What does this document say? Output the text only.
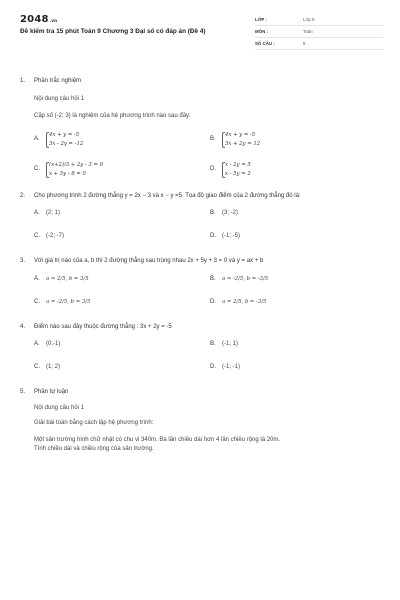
2048.vn
Đề kiểm tra 15 phút Toán 9 Chương 3 Đại số có đáp án (Đề 4)
LỚP :	Lớp 9
MÔN :	Toán
SỐ CÂU :	5
1. Phần trắc nghiệm
Nội dung câu hỏi 1
Cặp số (-2; 3) là nghiệm của hệ phương trình nào sau đây:
A.
4x + y = -5
3x - 2y = -12
B.
4x + y = -5
3x + 2y = 12
C.
(x+2)/3 + 2y - 3 = 0
x + 5y - 8 = 0
D.
x - 2y = 5
x - 5y = 2
2. Cho phương trình 2 đường thẳng y = 2x − 3 và x − y =5. Tọa độ giao điểm của 2 đường thẳng đó là:
A. (2; 1)	B. (3; -2)
C. (-2; -7)	D. (-1; -5)
3. Với giá trị nào của a, b thì 2 đường thẳng sau trùng nhau 2x + 5y + 3 = 0 và y = ax + b
A. a = 2/5, b = 3/5	B. a = -2/5, b = -3/5
C. a = -2/5, b = 3/5	D. a = 2/5, b = -3/5
4. Điểm nào sau đây thuộc đường thẳng : 3x + 2y = -5
A. (0;-1)	B. (-1; 1)
C. (1; 2)	D. (-1; -1)
5. Phần tự luận
Nội dung câu hỏi 1
Giải bài toán bằng cách lập hệ phương trình:
Một sân trường hình chữ nhật có chu vi 340m. Ba lần chiều dài hơn 4 lần chiều rộng là 20m.
Tính chiều dài và chiều rộng của sân trường.
